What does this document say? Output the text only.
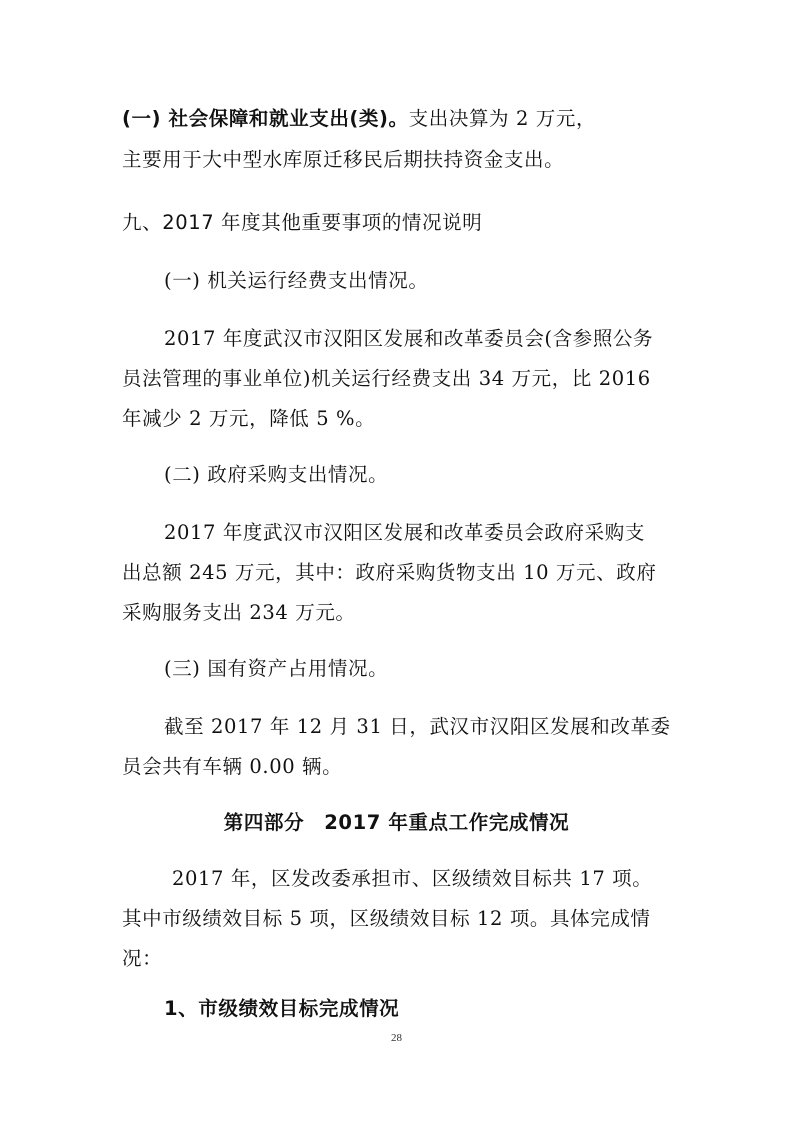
(一) 社会保障和就业支出(类)。支出决算为 2 万元，
主要用于大中型水库原迁移民后期扶持资金支出。
九、2017 年度其他重要事项的情况说明
(一) 机关运行经费支出情况。
2017 年度武汉市汉阳区发展和改革委员会(含参照公务
员法管理的事业单位)机关运行经费支出 34 万元，比 2016
年减少 2 万元，降低 5 %。
(二) 政府采购支出情况。
2017 年度武汉市汉阳区发展和改革委员会政府采购支
出总额 245 万元，其中：政府采购货物支出 10 万元、政府
采购服务支出 234 万元。
(三) 国有资产占用情况。
截至 2017 年 12 月 31 日，武汉市汉阳区发展和改革委
员会共有车辆 0.00 辆。
第四部分　2017 年重点工作完成情况
2017 年，区发改委承担市、区级绩效目标共 17 项。
其中市级绩效目标 5 项，区级绩效目标 12 项。具体完成情
况：
1、市级绩效目标完成情况
28
